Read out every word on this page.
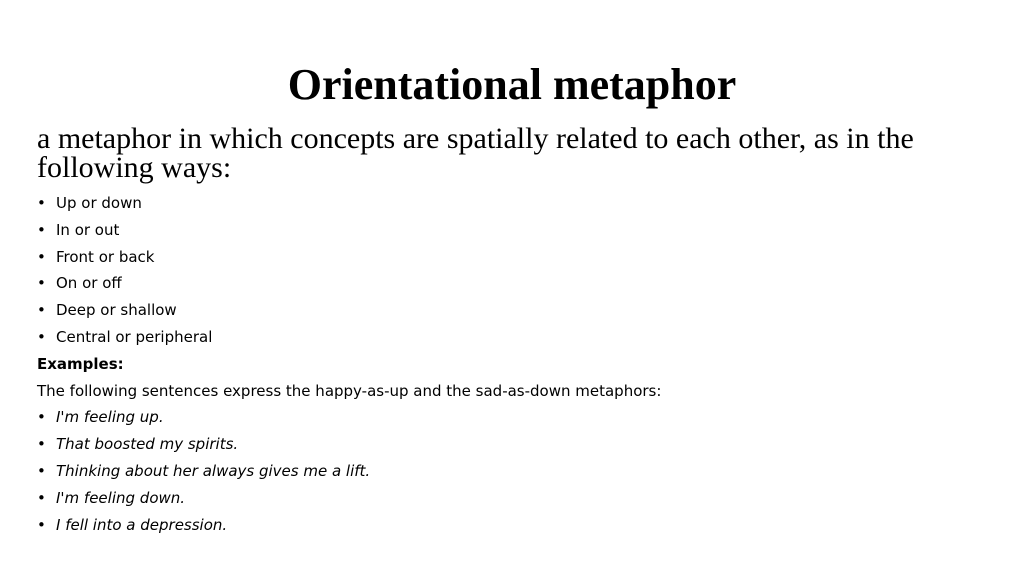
Orientational metaphor

a metaphor in which concepts are spatially related to each other, as in the following ways:

• Up or down
• In or out
• Front or back
• On or off
• Deep or shallow
• Central or peripheral
Examples:
The following sentences express the happy-as-up and the sad-as-down metaphors:
• I'm feeling up.
• That boosted my spirits.
• Thinking about her always gives me a lift.
• I'm feeling down.
• I fell into a depression.
